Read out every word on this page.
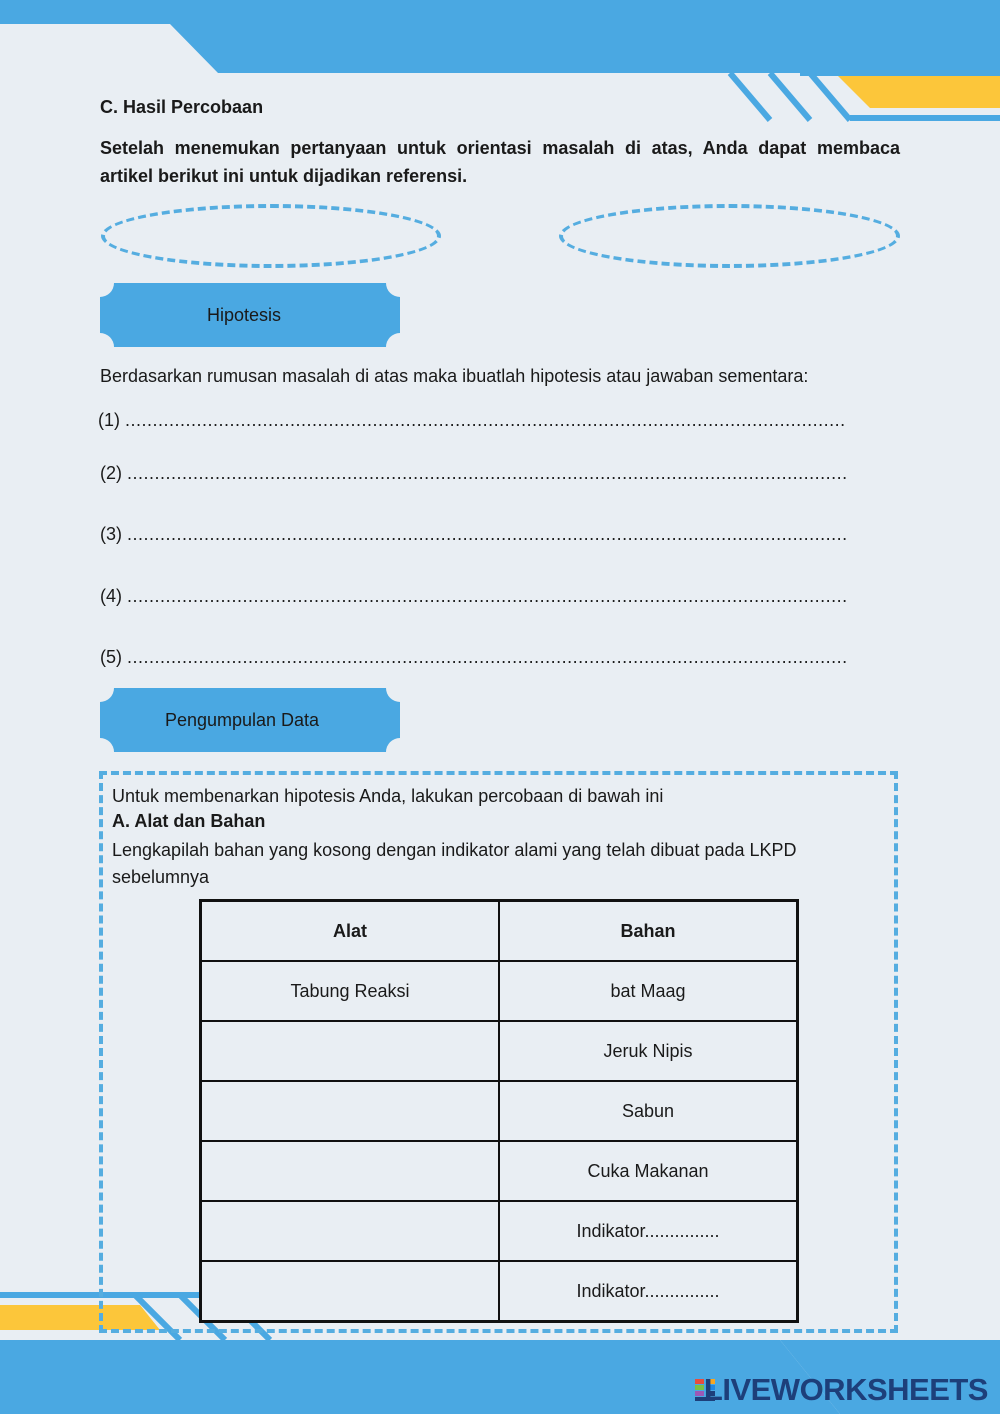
C. Hasil Percobaan
Setelah menemukan pertanyaan untuk orientasi masalah di atas, Anda dapat membaca artikel berikut ini untuk dijadikan referensi.
Hipotesis
Berdasarkan rumusan masalah di atas maka ibuatlah hipotesis atau jawaban sementara:
(1) ...................................................................................................................................
(2) ...................................................................................................................................
(3) ...................................................................................................................................
(4) ...................................................................................................................................
(5) ...................................................................................................................................
Pengumpulan Data
Untuk membenarkan hipotesis Anda, lakukan percobaan di bawah ini
A. Alat dan Bahan
Lengkapilah bahan yang kosong dengan indikator alami yang telah dibuat pada LKPD sebelumnya
Alat	Bahan
Tabung Reaksi	bat Maag
	Jeruk Nipis
	Sabun
	Cuka Makanan
	Indikator...............
	Indikator...............
LIVEWORKSHEETS
